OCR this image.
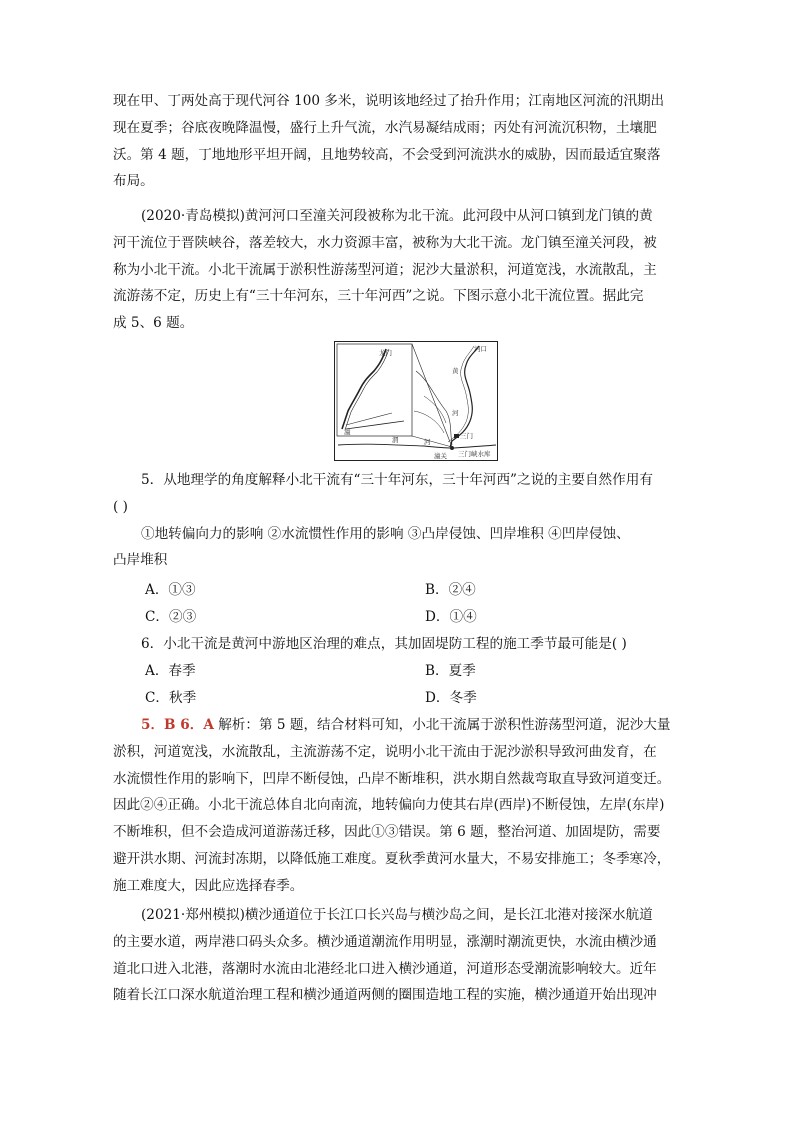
现在甲、丁两处高于现代河谷 100 多米，说明该地经过了抬升作用；江南地区河流的汛期出
现在夏季；谷底夜晚降温慢，盛行上升气流，水汽易凝结成雨；丙处有河流沉积物，土壤肥
沃。第 4 题，丁地地形平坦开阔，且地势较高，不会受到河流洪水的威胁，因而最适宜聚落
布局。
(2020·青岛模拟)黄河河口至潼关河段被称为北干流。此河段中从河口镇到龙门镇的黄
河干流位于晋陕峡谷，落差较大，水力资源丰富，被称为大北干流。龙门镇至潼关河段，被
称为小北干流。小北干流属于淤积性游荡型河道；泥沙大量淤积，河道宽浅，水流散乱，主
流游荡不定，历史上有“三十年河东，三十年河西”之说。下图示意小北干流位置。据此完
成 5、6 题。
龙门	河口
黄
河
渭	河
潼关
潼	三门
三门峡水库
5．从地理学的角度解释小北干流有“三十年河东，三十年河西”之说的主要自然作用有
( )
①地转偏向力的影响 ②水流惯性作用的影响 ③凸岸侵蚀、凹岸堆积 ④凹岸侵蚀、
凸岸堆积
A．①③	B．②④
C．②③	D．①④
6．小北干流是黄河中游地区治理的难点，其加固堤防工程的施工季节最可能是( )
A．春季	B．夏季
C．秋季	D．冬季
5．B 6．A 解析：第 5 题，结合材料可知，小北干流属于淤积性游荡型河道，泥沙大量
淤积，河道宽浅，水流散乱，主流游荡不定，说明小北干流由于泥沙淤积导致河曲发育，在
水流惯性作用的影响下，凹岸不断侵蚀，凸岸不断堆积，洪水期自然裁弯取直导致河道变迁。
因此②④正确。小北干流总体自北向南流，地转偏向力使其右岸(西岸)不断侵蚀，左岸(东岸)
不断堆积，但不会造成河道游荡迁移，因此①③错误。第 6 题，整治河道、加固堤防，需要
避开洪水期、河流封冻期，以降低施工难度。夏秋季黄河水量大，不易安排施工；冬季寒冷，
施工难度大，因此应选择春季。
(2021·郑州模拟)横沙通道位于长江口长兴岛与横沙岛之间，是长江北港对接深水航道
的主要水道，两岸港口码头众多。横沙通道潮流作用明显，涨潮时潮流更快，水流由横沙通
道北口进入北港，落潮时水流由北港经北口进入横沙通道，河道形态受潮流影响较大。近年
随着长江口深水航道治理工程和横沙通道两侧的圈围造地工程的实施，横沙通道开始出现冲
